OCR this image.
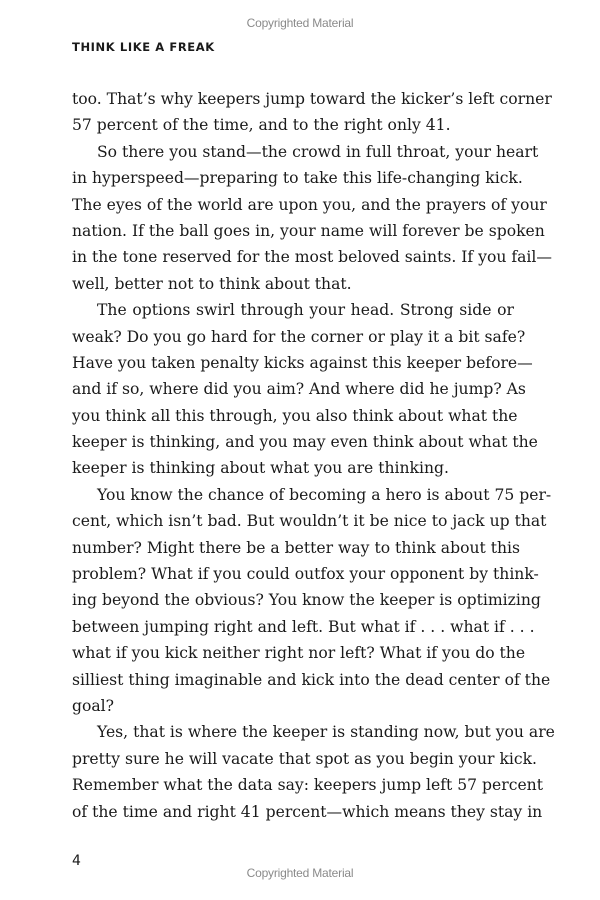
Copyrighted Material
THINK LIKE A FREAK
too. That’s why keepers jump toward the kicker’s left corner
57 percent of the time, and to the right only 41.
So there you stand—the crowd in full throat, your heart
in hyperspeed—preparing to take this life-changing kick.
The eyes of the world are upon you, and the prayers of your
nation. If the ball goes in, your name will forever be spoken
in the tone reserved for the most beloved saints. If you fail—
well, better not to think about that.
The options swirl through your head. Strong side or
weak? Do you go hard for the corner or play it a bit safe?
Have you taken penalty kicks against this keeper before—
and if so, where did you aim? And where did he jump? As
you think all this through, you also think about what the
keeper is thinking, and you may even think about what the
keeper is thinking about what you are thinking.
You know the chance of becoming a hero is about 75 per-
cent, which isn’t bad. But wouldn’t it be nice to jack up that
number? Might there be a better way to think about this
problem? What if you could outfox your opponent by think-
ing beyond the obvious? You know the keeper is optimizing
between jumping right and left. But what if . . . what if . . .
what if you kick neither right nor left? What if you do the
silliest thing imaginable and kick into the dead center of the
goal?
Yes, that is where the keeper is standing now, but you are
pretty sure he will vacate that spot as you begin your kick.
Remember what the data say: keepers jump left 57 percent
of the time and right 41 percent—which means they stay in
4
Copyrighted Material
